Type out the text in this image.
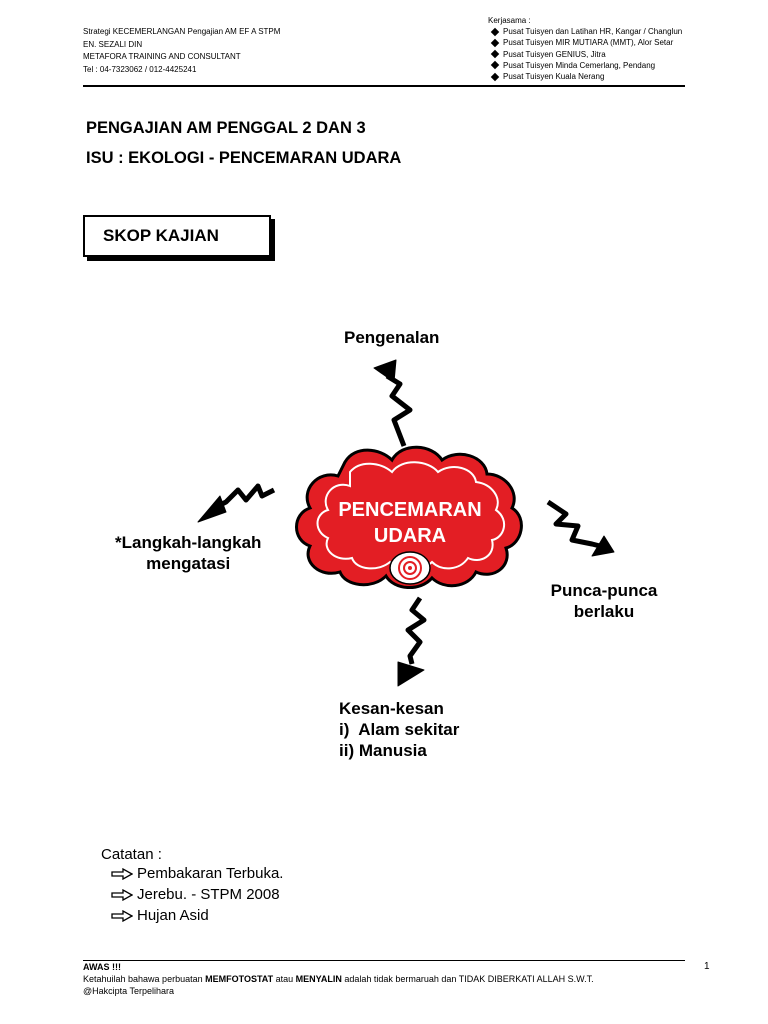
Strategi KECEMERLANGAN Pengajian AM EF A STPM
EN. SEZALI DIN
METAFORA TRAINING AND CONSULTANT
Tel : 04-7323062 / 012-4425241
Kerjasama :
Pusat Tuisyen dan Latihan HR, Kangar / Changlun
Pusat Tuisyen MIR MUTIARA (MMT), Alor Setar
Pusat Tuisyen GENIUS, Jitra
Pusat Tuisyen Minda Cemerlang, Pendang
Pusat Tuisyen Kuala Nerang
PENGAJIAN AM PENGGAL 2 DAN 3
ISU : EKOLOGI - PENCEMARAN UDARA
SKOP KAJIAN
PENCEMARAN
UDARA
Pengenalan
*Langkah-langkah
mengatasi
Punca-punca
berlaku
Kesan-kesan
i)  Alam sekitar
ii) Manusia
Catatan :
Pembakaran Terbuka.
Jerebu. - STPM 2008
Hujan Asid
AWAS !!!
Ketahuilah bahawa perbuatan MEMFOTOSTAT atau MENYALIN adalah tidak bermaruah dan TIDAK DIBERKATI ALLAH S.W.T.
@Hakcipta Terpelihara
1
